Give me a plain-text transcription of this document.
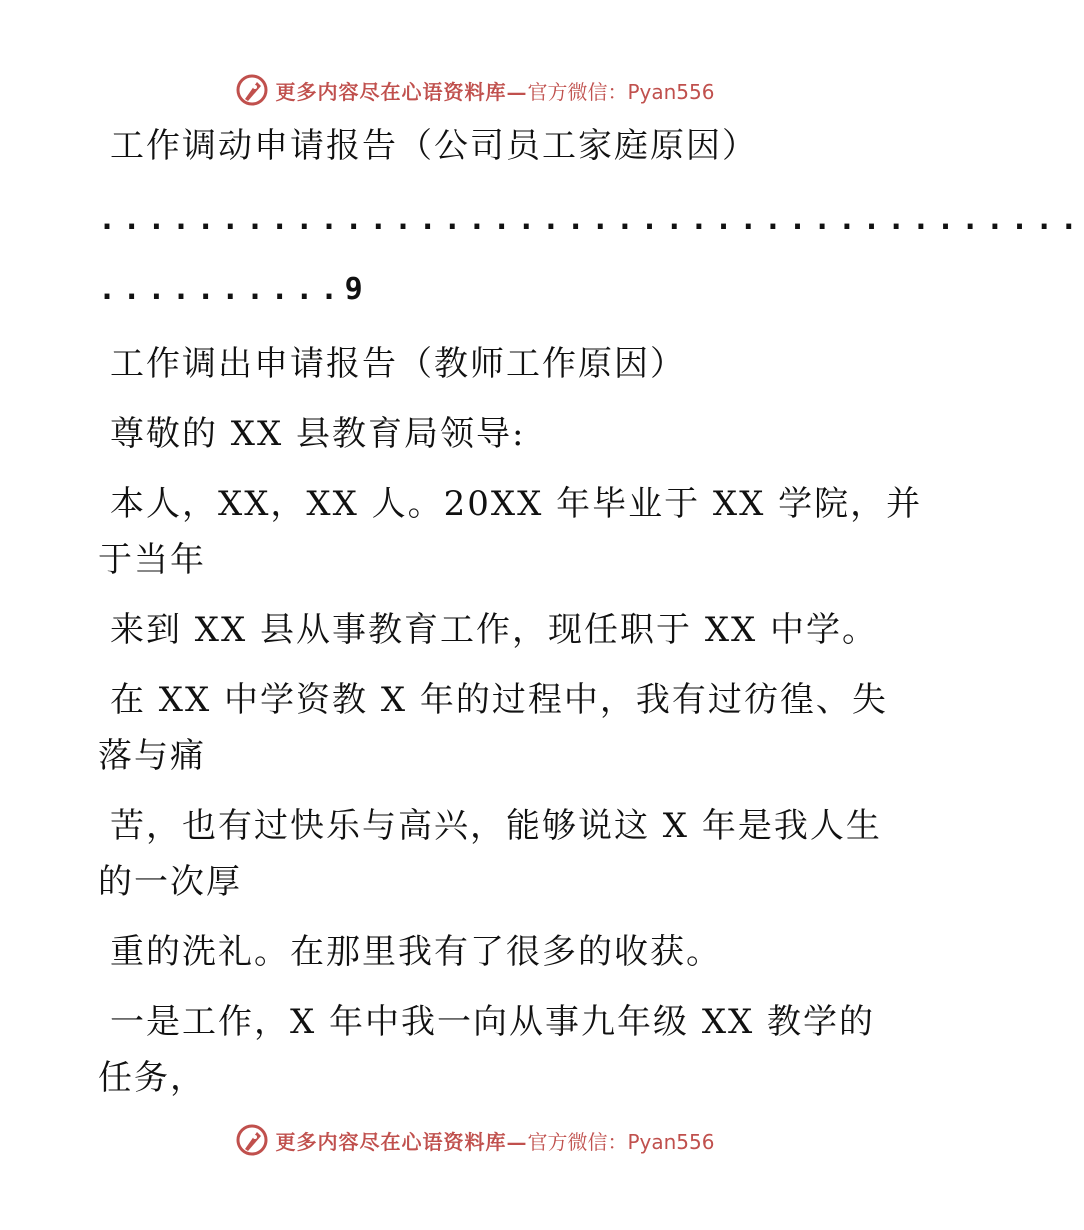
更多内容尽在心语资料库— 官方微信：Pyan556
工作调动申请报告（公司员工家庭原因）
........................................
..........9
工作调出申请报告（教师工作原因）
尊敬的 XX 县教育局领导:
本人，XX，XX 人。20XX 年毕业于 XX 学院，并
于当年
来到 XX 县从事教育工作，现任职于 XX 中学。
在 XX 中学资教 X 年的过程中，我有过彷徨、失
落与痛
苦，也有过快乐与高兴，能够说这 X 年是我人生
的一次厚
重的洗礼。在那里我有了很多的收获。
一是工作，X 年中我一向从事九年级 XX 教学的
任务，
更多内容尽在心语资料库— 官方微信：Pyan556
